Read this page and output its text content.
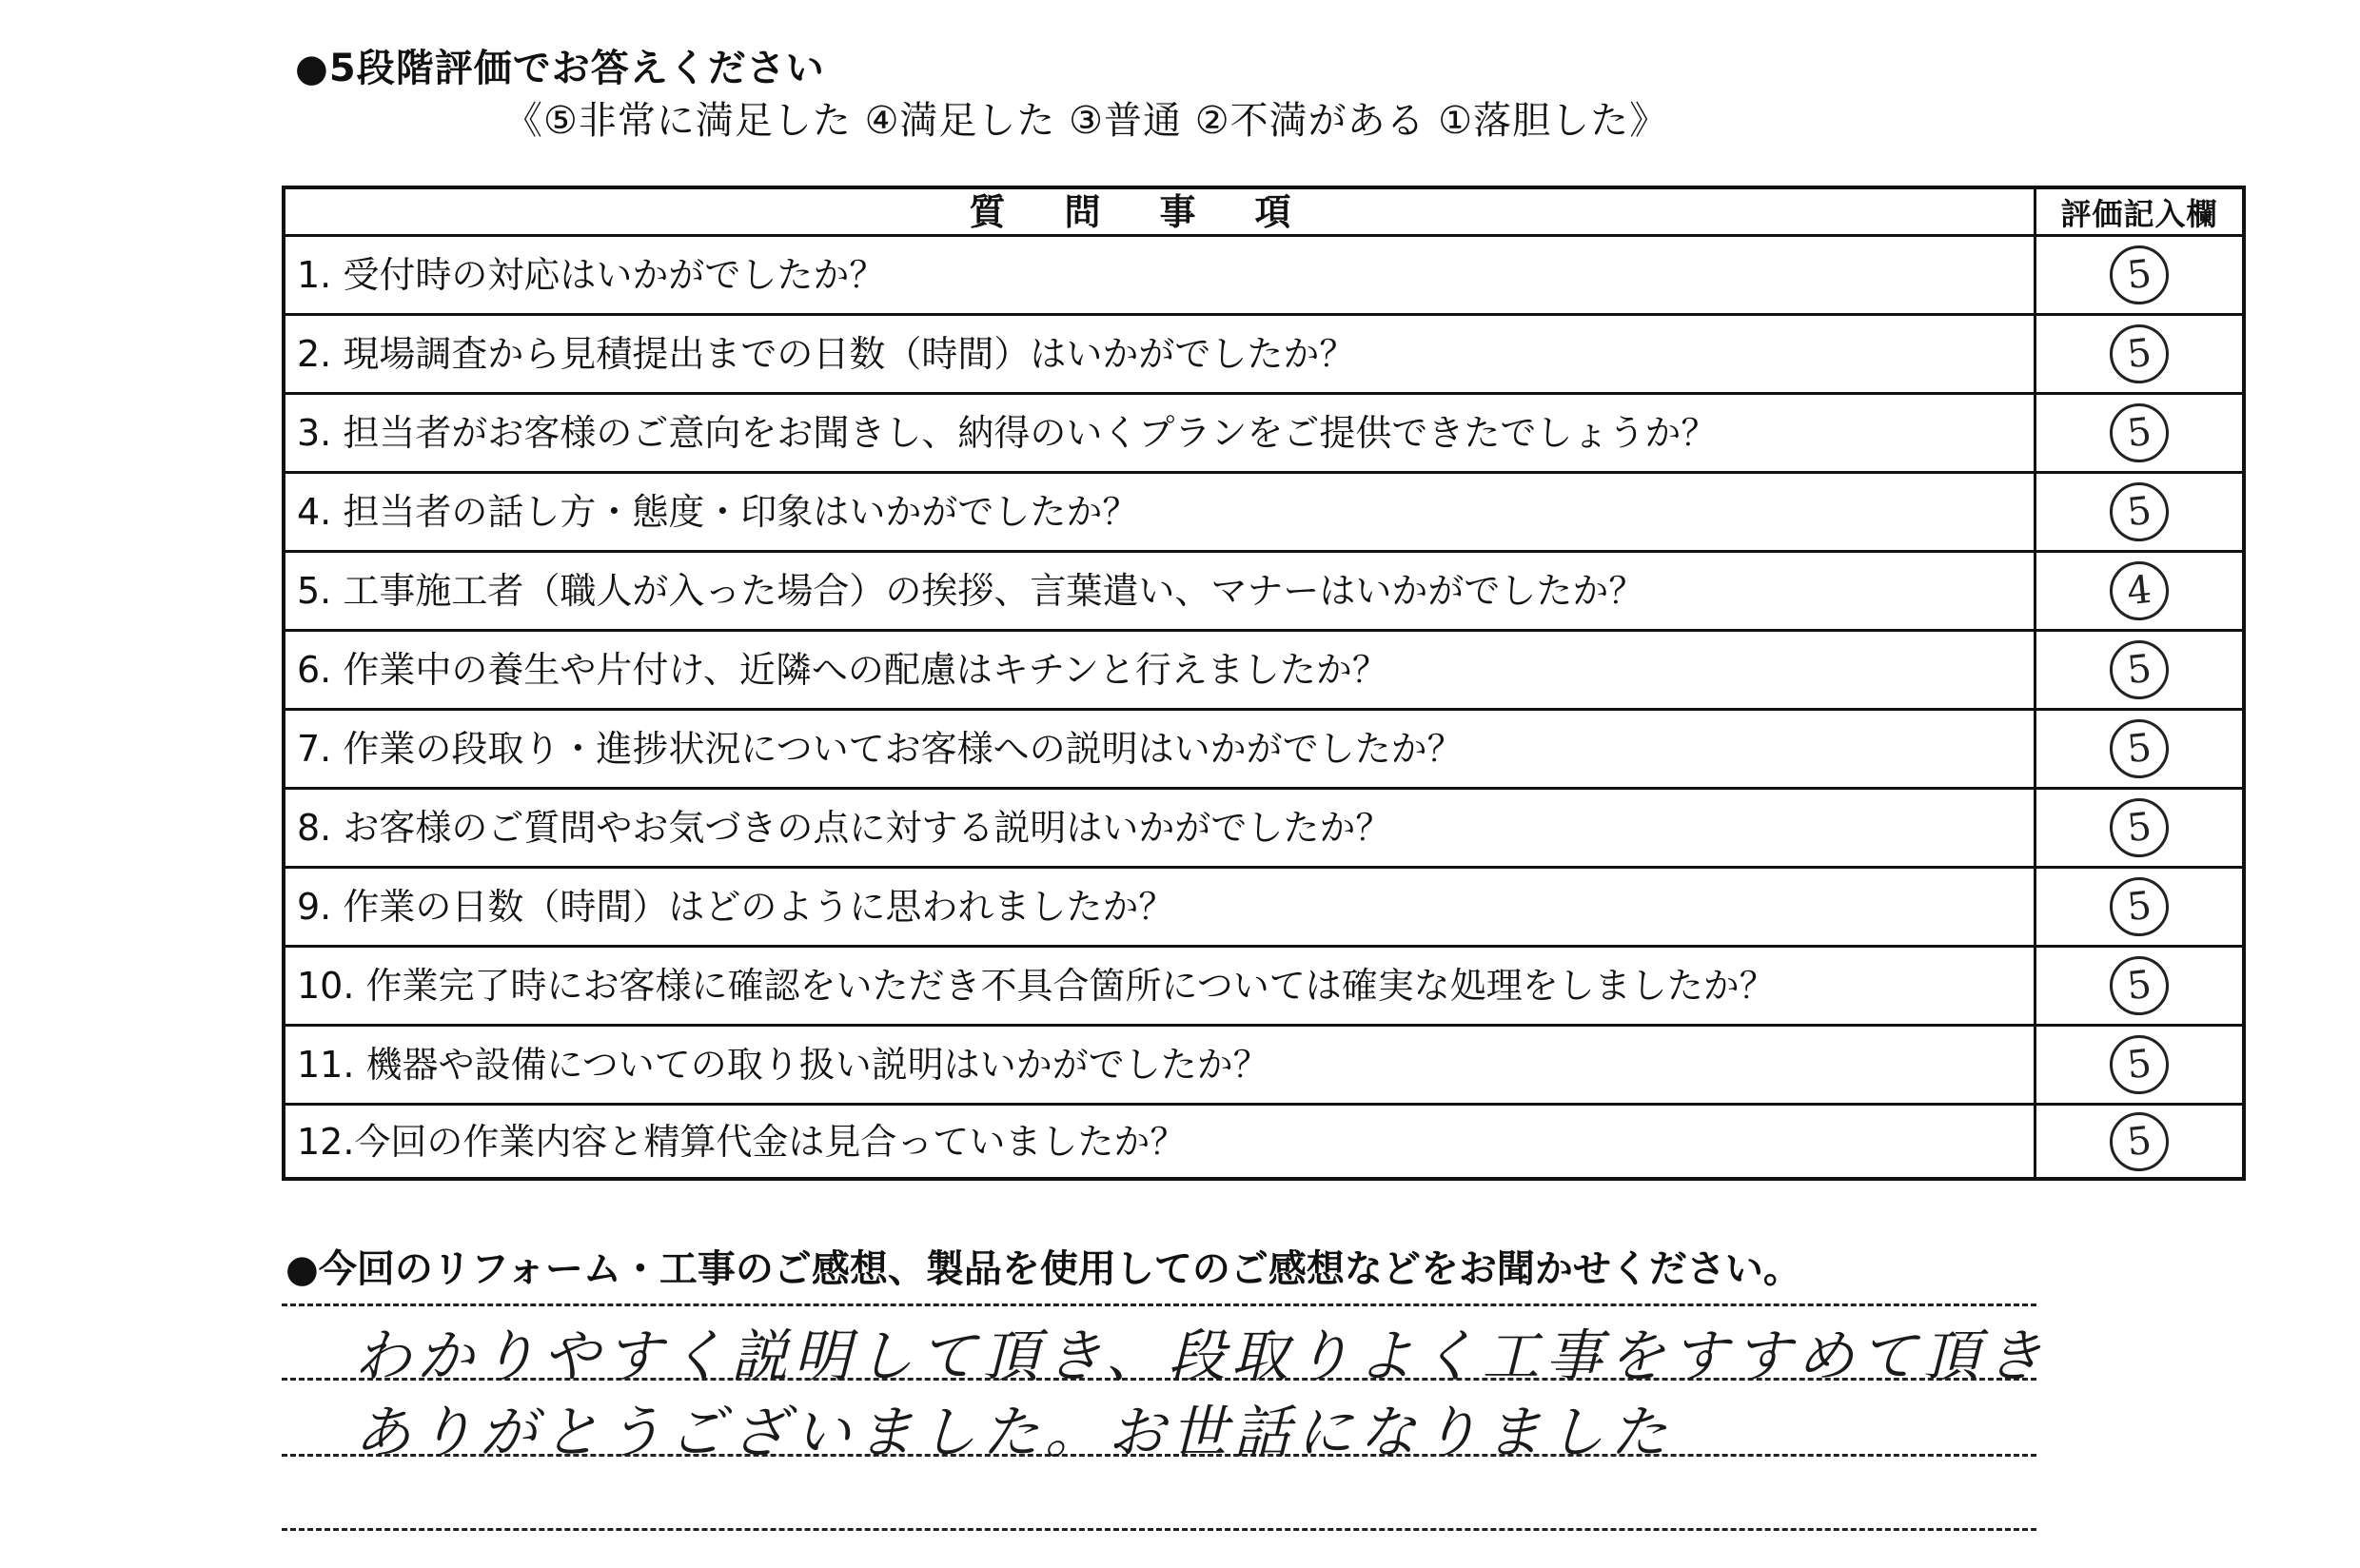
●5段階評価でお答えください
《⑤非常に満足した ④満足した ③普通 ②不満がある ①落胆した》
質問事項	評価記入欄
1. 受付時の対応はいかがでしたか？	5
2. 現場調査から見積提出までの日数（時間）はいかがでしたか？	5
3. 担当者がお客様のご意向をお聞きし、納得のいくプランをご提供できたでしょうか？	5
4. 担当者の話し方・態度・印象はいかがでしたか？	5
5. 工事施工者（職人が入った場合）の挨拶、言葉遣い、マナーはいかがでしたか？	4
6. 作業中の養生や片付け、近隣への配慮はキチンと行えましたか？	5
7. 作業の段取り・進捗状況についてお客様への説明はいかがでしたか？	5
8. お客様のご質問やお気づきの点に対する説明はいかがでしたか？	5
9. 作業の日数（時間）はどのように思われましたか？	5
10. 作業完了時にお客様に確認をいただき不具合箇所については確実な処理をしましたか？	5
11. 機器や設備についての取り扱い説明はいかがでしたか？	5
12.今回の作業内容と精算代金は見合っていましたか？	5
●今回のリフォーム・工事のご感想、製品を使用してのご感想などをお聞かせください。
わかりやすく説明して頂き、段取りよく工事をすすめて頂き
ありがとうございました。お世話になりました
